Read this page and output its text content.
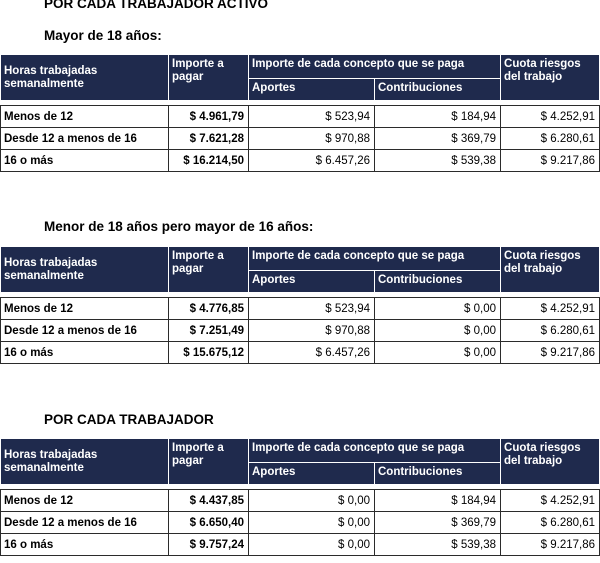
POR CADA TRABAJADOR ACTIVO
Mayor de 18 años:
Horas trabajadas semanalmente	Importe a pagar	Importe de cada concepto que se paga		Cuota riesgos del trabajo
		Aportes	Contribuciones	

Menos de 12	$ 4.961,79	$ 523,94	$ 184,94	$ 4.252,91
Desde 12 a menos de 16	$ 7.621,28	$ 970,88	$ 369,79	$ 6.280,61
16 o más	$ 16.214,50	$ 6.457,26	$ 539,38	$ 9.217,86
Menor de 18 años pero mayor de 16 años:
Horas trabajadas semanalmente	Importe a pagar	Importe de cada concepto que se paga		Cuota riesgos del trabajo
		Aportes	Contribuciones	

Menos de 12	$ 4.776,85	$ 523,94	$ 0,00	$ 4.252,91
Desde 12 a menos de 16	$ 7.251,49	$ 970,88	$ 0,00	$ 6.280,61
16 o más	$ 15.675,12	$ 6.457,26	$ 0,00	$ 9.217,86
POR CADA TRABAJADOR
Horas trabajadas semanalmente	Importe a pagar	Importe de cada concepto que se paga		Cuota riesgos del trabajo
		Aportes	Contribuciones	

Menos de 12	$ 4.437,85	$ 0,00	$ 184,94	$ 4.252,91
Desde 12 a menos de 16	$ 6.650,40	$ 0,00	$ 369,79	$ 6.280,61
16 o más	$ 9.757,24	$ 0,00	$ 539,38	$ 9.217,86
